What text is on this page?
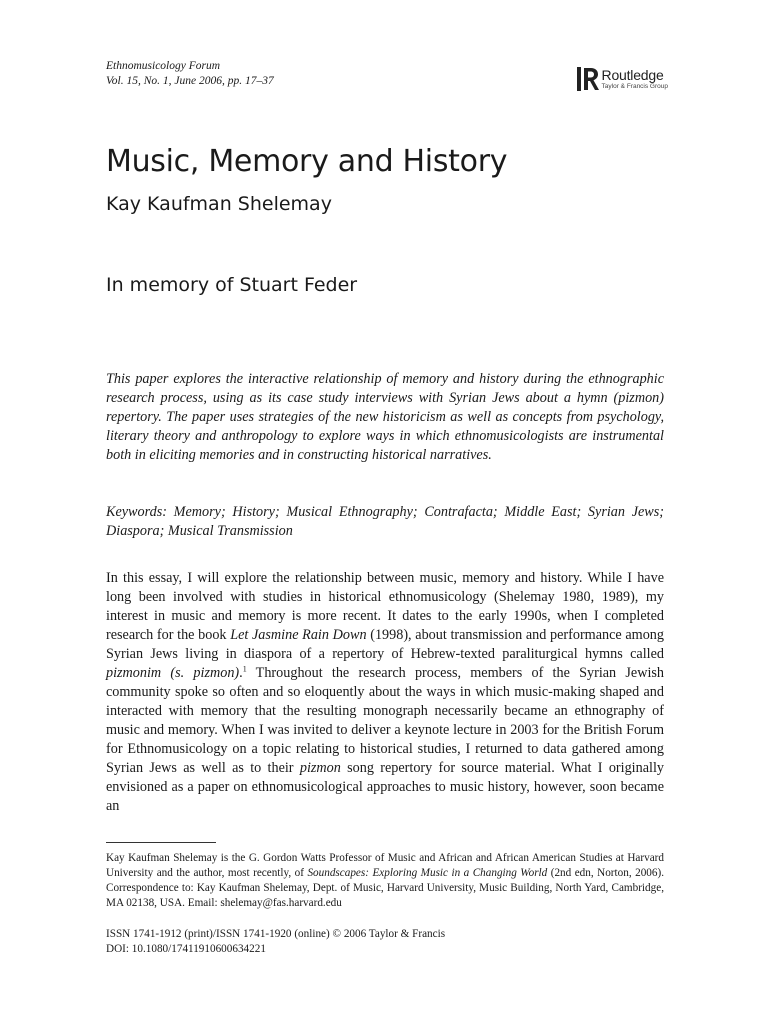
Ethnomusicology Forum
Vol. 15, No. 1, June 2006, pp. 17–37	Routledge
Taylor & Francis Group
Music, Memory and History
Kay Kaufman Shelemay
In memory of Stuart Feder

This paper explores the interactive relationship of memory and history during the ethnographic research process, using as its case study interviews with Syrian Jews about a hymn (pizmon) repertory. The paper uses strategies of the new historicism as well as concepts from psychology, literary theory and anthropology to explore ways in which ethnomusicologists are instrumental both in eliciting memories and in constructing historical narratives.

Keywords: Memory; History; Musical Ethnography; Contrafacta; Middle East; Syrian Jews; Diaspora; Musical Transmission

In this essay, I will explore the relationship between music, memory and history. While I have long been involved with studies in historical ethnomusicology (Shelemay 1980, 1989), my interest in music and memory is more recent. It dates to the early 1990s, when I completed research for the book Let Jasmine Rain Down (1998), about transmission and performance among Syrian Jews living in diaspora of a repertory of Hebrew-texted paraliturgical hymns called pizmonim (s. pizmon).$^1$ Throughout the research process, members of the Syrian Jewish community spoke so often and so eloquently about the ways in which music-making shaped and interacted with memory that the resulting monograph necessarily became an ethnography of music and memory. When I was invited to deliver a keynote lecture in 2003 for the British Forum for Ethnomusicology on a topic relating to historical studies, I returned to data gathered among Syrian Jews as well as to their pizmon song repertory for source material. What I originally envisioned as a paper on ethnomusicological approaches to music history, however, soon became an

Kay Kaufman Shelemay is the G. Gordon Watts Professor of Music and African and African American Studies at Harvard University and the author, most recently, of Soundscapes: Exploring Music in a Changing World (2nd edn, Norton, 2006). Correspondence to: Kay Kaufman Shelemay, Dept. of Music, Harvard University, Music Building, North Yard, Cambridge, MA 02138, USA. Email: shelemay@fas.harvard.edu

ISSN 1741-1912 (print)/ISSN 1741-1920 (online) © 2006 Taylor & Francis
DOI: 10.1080/17411910600634221
